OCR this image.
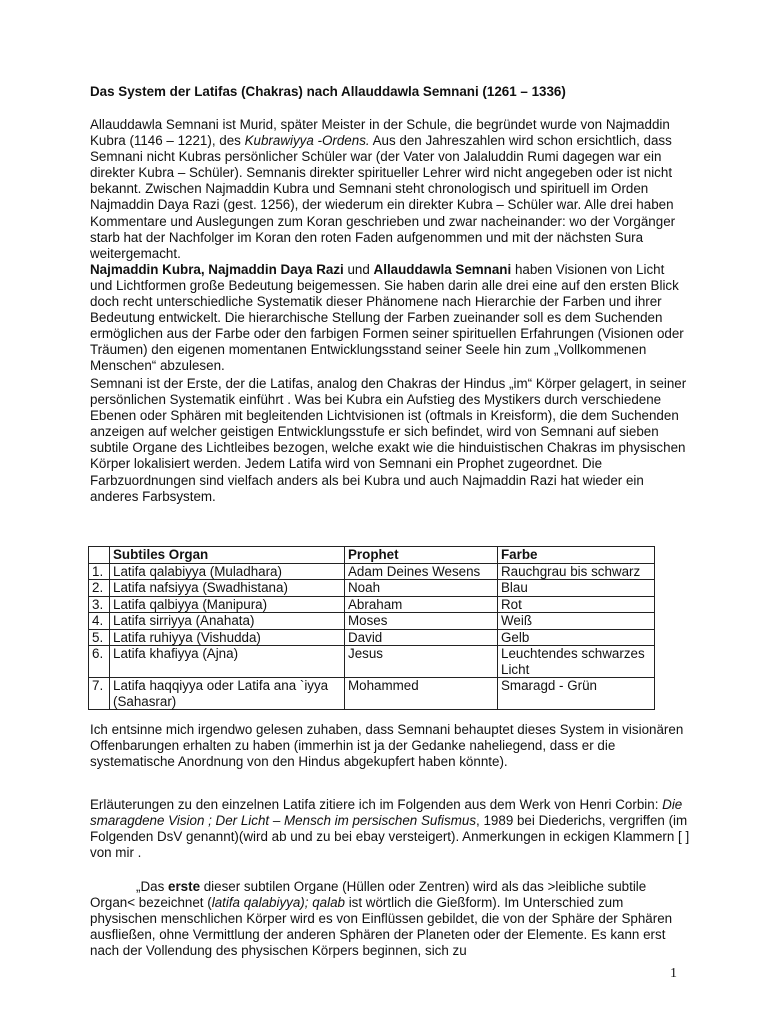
Das System der Latifas (Chakras) nach Allauddawla Semnani (1261 – 1336)

Allauddawla Semnani ist Murid, später Meister in der Schule, die begründet wurde von Najmaddin Kubra (1146 – 1221), des Kubrawiyya -Ordens. Aus den Jahreszahlen wird schon ersichtlich, dass Semnani nicht Kubras persönlicher Schüler war (der Vater von Jalaluddin Rumi dagegen war ein direkter Kubra – Schüler). Semnanis direkter spiritueller Lehrer wird nicht angegeben oder ist nicht bekannt. Zwischen Najmaddin Kubra und Semnani steht chronologisch und spirituell im Orden Najmaddin Daya Razi (gest. 1256), der wiederum ein direkter Kubra – Schüler war. Alle drei haben Kommentare und Auslegungen zum Koran geschrieben und zwar nacheinander: wo der Vorgänger starb hat der Nachfolger im Koran den roten Faden aufgenommen und mit der nächsten Sura weitergemacht.
Najmaddin Kubra, Najmaddin Daya Razi und Allauddawla Semnani haben Visionen von Licht und Lichtformen große Bedeutung beigemessen. Sie haben darin alle drei eine auf den ersten Blick doch recht unterschiedliche Systematik dieser Phänomene nach Hierarchie der Farben und ihrer Bedeutung entwickelt. Die hierarchische Stellung der Farben zueinander soll es dem Suchenden ermöglichen aus der Farbe oder den farbigen Formen seiner spirituellen Erfahrungen (Visionen oder Träumen) den eigenen momentanen Entwicklungsstand seiner Seele hin zum „Vollkommenen Menschen“ abzulesen.

Semnani ist der Erste, der die Latifas, analog den Chakras der Hindus „im“ Körper gelagert, in seiner persönlichen Systematik einführt . Was bei Kubra ein Aufstieg des Mystikers durch verschiedene Ebenen oder Sphären mit begleitenden Lichtvisionen ist (oftmals in Kreisform), die dem Suchenden anzeigen auf welcher geistigen Entwicklungsstufe er sich befindet, wird von Semnani auf sieben subtile Organe des Lichtleibes bezogen, welche exakt wie die hinduistischen Chakras im physischen Körper lokalisiert werden. Jedem Latifa wird von Semnani ein Prophet zugeordnet. Die Farbzuordnungen sind vielfach anders als bei Kubra und auch Najmaddin Razi hat wieder ein anderes Farbsystem.

	Subtiles Organ	Prophet	Farbe
1.	Latifa qalabiyya (Muladhara)	Adam Deines Wesens	Rauchgrau bis schwarz
2.	Latifa nafsiyya (Swadhistana)	Noah	Blau
3.	Latifa qalbiyya (Manipura)	Abraham	Rot
4.	Latifa sirriyya (Anahata)	Moses	Weiß
5.	Latifa ruhiyya (Vishudda)	David	Gelb
6.	Latifa khafiyya (Ajna)	Jesus	Leuchtendes schwarzes Licht
7.	Latifa haqqiyya oder Latifa ana `iyya (Sahasrar)	Mohammed	Smaragd - Grün

Ich entsinne mich irgendwo gelesen zuhaben, dass Semnani behauptet dieses System in visionären Offenbarungen erhalten zu haben (immerhin ist ja der Gedanke naheliegend, dass er die systematische Anordnung von den Hindus abgekupfert haben könnte).

Erläuterungen zu den einzelnen Latifa zitiere ich im Folgenden aus dem Werk von Henri Corbin: Die smaragdene Vision ; Der Licht – Mensch im persischen Sufismus, 1989 bei Diederichs, vergriffen (im Folgenden DsV genannt)(wird ab und zu bei ebay versteigert). Anmerkungen in eckigen Klammern [ ] von mir .

„Das erste dieser subtilen Organe (Hüllen oder Zentren) wird als das >leibliche subtile Organ< bezeichnet (latifa qalabiyya); qalab ist wörtlich die Gießform). Im Unterschied zum physischen menschlichen Körper wird es von Einflüssen gebildet, die von der Sphäre der Sphären ausfließen, ohne Vermittlung der anderen Sphären der Planeten oder der Elemente. Es kann erst nach der Vollendung des physischen Körpers beginnen, sich zu

1
